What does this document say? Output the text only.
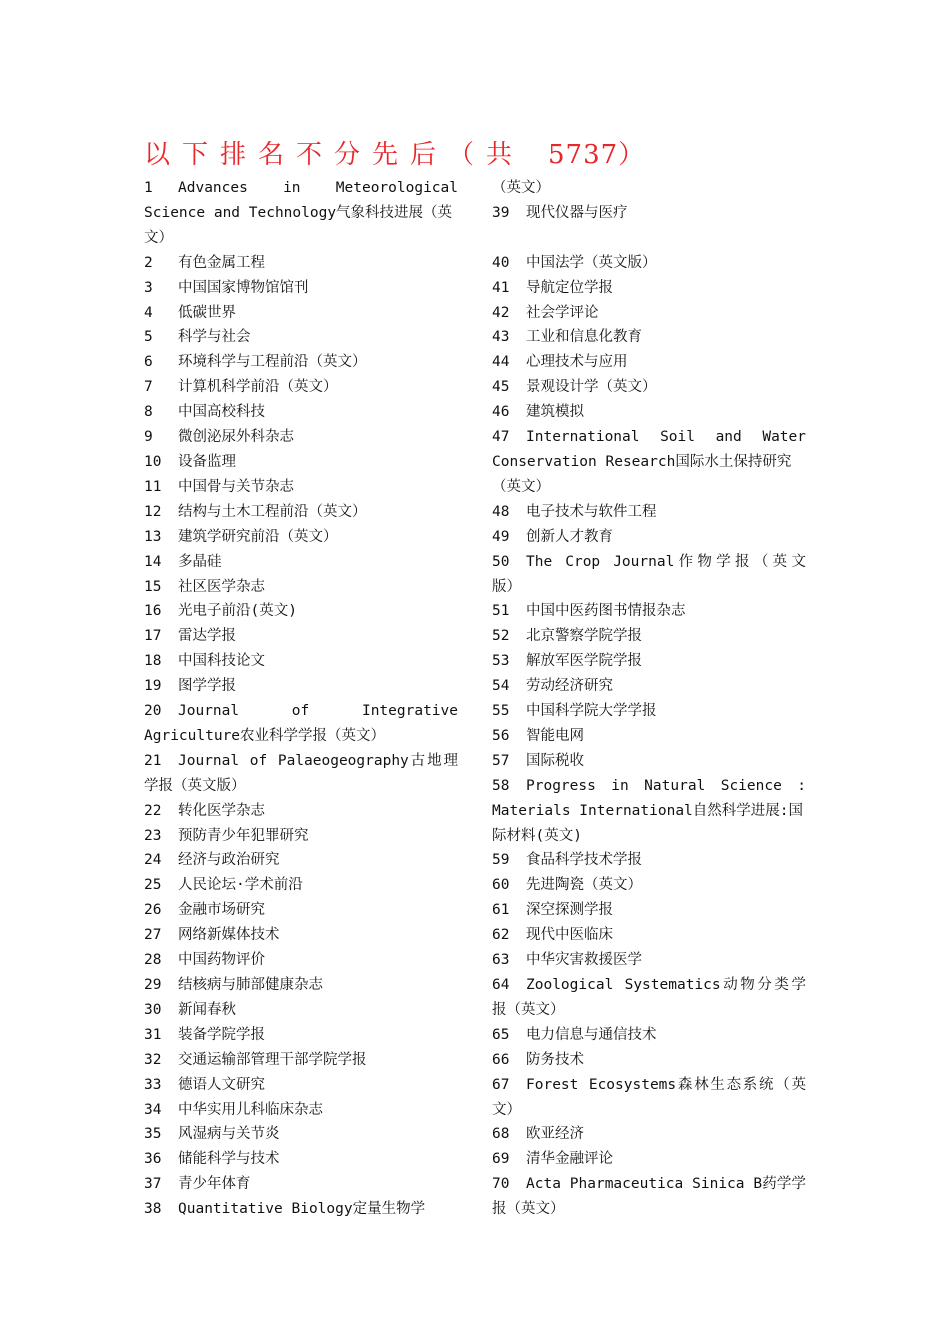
以下排名不分先后（共 5737）
1 Advances in Meteorological
Science and Technology气象科技进展（英文）
2 有色金属工程
3 中国国家博物馆馆刊
4 低碳世界
5 科学与社会
6 环境科学与工程前沿（英文）
7 计算机科学前沿（英文）
8 中国高校科技
9 微创泌尿外科杂志
10 设备监理
11 中国骨与关节杂志
12 结构与土木工程前沿（英文）
13 建筑学研究前沿（英文）
14 多晶硅
15 社区医学杂志
16 光电子前沿(英文)
17 雷达学报
18 中国科技论文
19 图学学报
20 Journal of Integrative
Agriculture农业科学学报（英文）
21 Journal of Palaeogeography古地理
学报（英文版）
22 转化医学杂志
23 预防青少年犯罪研究
24 经济与政治研究
25 人民论坛·学术前沿
26 金融市场研究
27 网络新媒体技术
28 中国药物评价
29 结核病与肺部健康杂志
30 新闻春秋
31 装备学院学报
32 交通运输部管理干部学院学报
33 德语人文研究
34 中华实用儿科临床杂志
35 风湿病与关节炎
36 储能科学与技术
37 青少年体育
38 Quantitative Biology定量生物学
（英文）
39 现代仪器与医疗

40 中国法学（英文版）
41 导航定位学报
42 社会学评论
43 工业和信息化教育
44 心理技术与应用
45 景观设计学（英文）
46 建筑模拟
47 International Soil and Water
Conservation Research国际水土保持研究（英文）
48 电子技术与软件工程
49 创新人才教育
50 The Crop Journal作物学报（英文
版）
51 中国中医药图书情报杂志
52 北京警察学院学报
53 解放军医学院学报
54 劳动经济研究
55 中国科学院大学学报
56 智能电网
57 国际税收
58 Progress in Natural Science :
Materials International自然科学进展:国际材料(英文)
59 食品科学技术学报
60 先进陶瓷（英文）
61 深空探测学报
62 现代中医临床
63 中华灾害救援医学
64 Zoological Systematics动物分类学
报（英文）
65 电力信息与通信技术
66 防务技术
67 Forest Ecosystems森林生态系统（英
文）
68 欧亚经济
69 清华金融评论
70 Acta Pharmaceutica Sinica B药学学
报（英文）
